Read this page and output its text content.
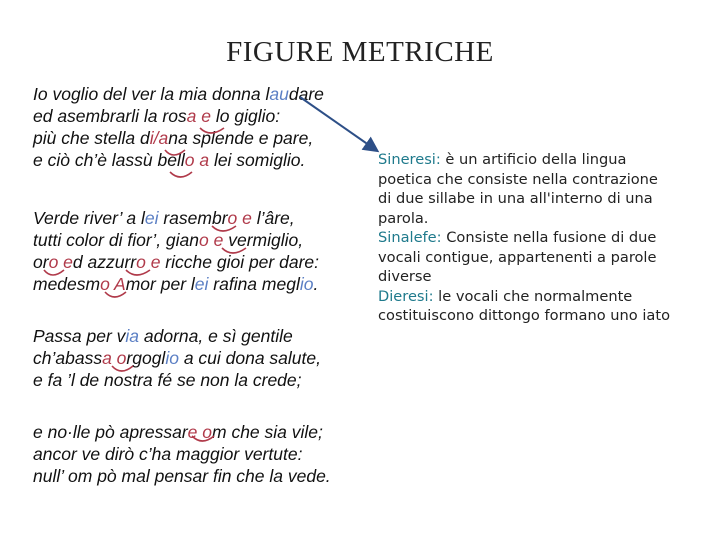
FIGURE METRICHE
Io voglio del ver la mia donna laudare
ed asembrarli la rosa e lo giglio:
più che stella di/ana splende e pare,
e ciò ch’è lassù bello a lei somiglio.
Verde river’ a lei rasembro e l’âre,
tutti color di fior’, giano e vermiglio,
oro ed azzurro e ricche gioi per dare:
medesmo Amor per lei rafina meglio.
Passa per via adorna, e sì gentile
ch’abassa orgoglio a cui dona salute,
e fa ’l de nostra fé se non la crede;
e no·lle pò apressare om che sia vile;
ancor ve dirò c’ha maggior vertute:
null’ om pò mal pensar fin che la vede.
Sineresi: è un artificio della lingua poetica che consiste nella contrazione di due sillabe in una all'interno di una parola.
Sinalefe: Consiste nella fusione di due vocali contigue, appartenenti a parole diverse
Dieresi: le vocali che normalmente costituiscono dittongo formano uno iato
